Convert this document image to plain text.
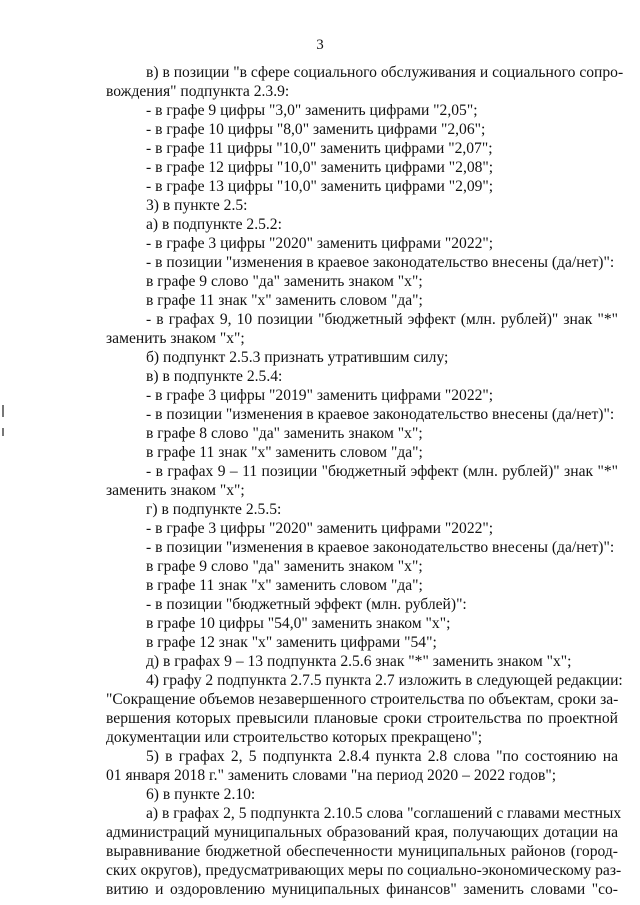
3
в) в позиции "в сфере социального обслуживания и социального сопро-
вождения" подпункта 2.3.9:
- в графе 9 цифры "3,0" заменить цифрами "2,05";
- в графе 10 цифры "8,0" заменить цифрами "2,06";
- в графе 11 цифры "10,0" заменить цифрами "2,07";
- в графе 12 цифры "10,0" заменить цифрами "2,08";
- в графе 13 цифры "10,0" заменить цифрами "2,09";
3) в пункте 2.5:
а) в подпункте 2.5.2:
- в графе 3 цифры "2020" заменить цифрами "2022";
- в позиции "изменения в краевое законодательство внесены (да/нет)":
в графе 9 слово "да" заменить знаком "х";
в графе 11 знак "х" заменить словом "да";
- в графах 9, 10 позиции "бюджетный эффект (млн. рублей)" знак "*"
заменить знаком "х";
б) подпункт 2.5.3 признать утратившим силу;
в) в подпункте 2.5.4:
- в графе 3 цифры "2019" заменить цифрами "2022";
- в позиции "изменения в краевое законодательство внесены (да/нет)":
в графе 8 слово "да" заменить знаком "х";
в графе 11 знак "х" заменить словом "да";
- в графах 9 – 11 позиции "бюджетный эффект (млн. рублей)" знак "*"
заменить знаком "х";
г) в подпункте 2.5.5:
- в графе 3 цифры "2020" заменить цифрами "2022";
- в позиции "изменения в краевое законодательство внесены (да/нет)":
в графе 9 слово "да" заменить знаком "х";
в графе 11 знак "х" заменить словом "да";
- в позиции "бюджетный эффект (млн. рублей)":
в графе 10 цифры "54,0" заменить знаком "х";
в графе 12 знак "х" заменить цифрами "54";
д) в графах 9 – 13 подпункта 2.5.6 знак "*" заменить знаком "х";
4) графу 2 подпункта 2.7.5 пункта 2.7 изложить в следующей редакции:
"Сокращение объемов незавершенного строительства по объектам, сроки за-
вершения которых превысили плановые сроки строительства по проектной
документации или строительство которых прекращено";
5) в графах 2, 5 подпункта 2.8.4 пункта 2.8 слова "по состоянию на
01 января 2018 г." заменить словами "на период 2020 – 2022 годов";
6) в пункте 2.10:
а) в графах 2, 5 подпункта 2.10.5 слова "соглашений с главами местных
администраций муниципальных образований края, получающих дотации на
выравнивание бюджетной обеспеченности муниципальных районов (город-
ских округов), предусматривающих меры по социально-экономическому раз-
витию и оздоровлению муниципальных финансов" заменить словами "со-
